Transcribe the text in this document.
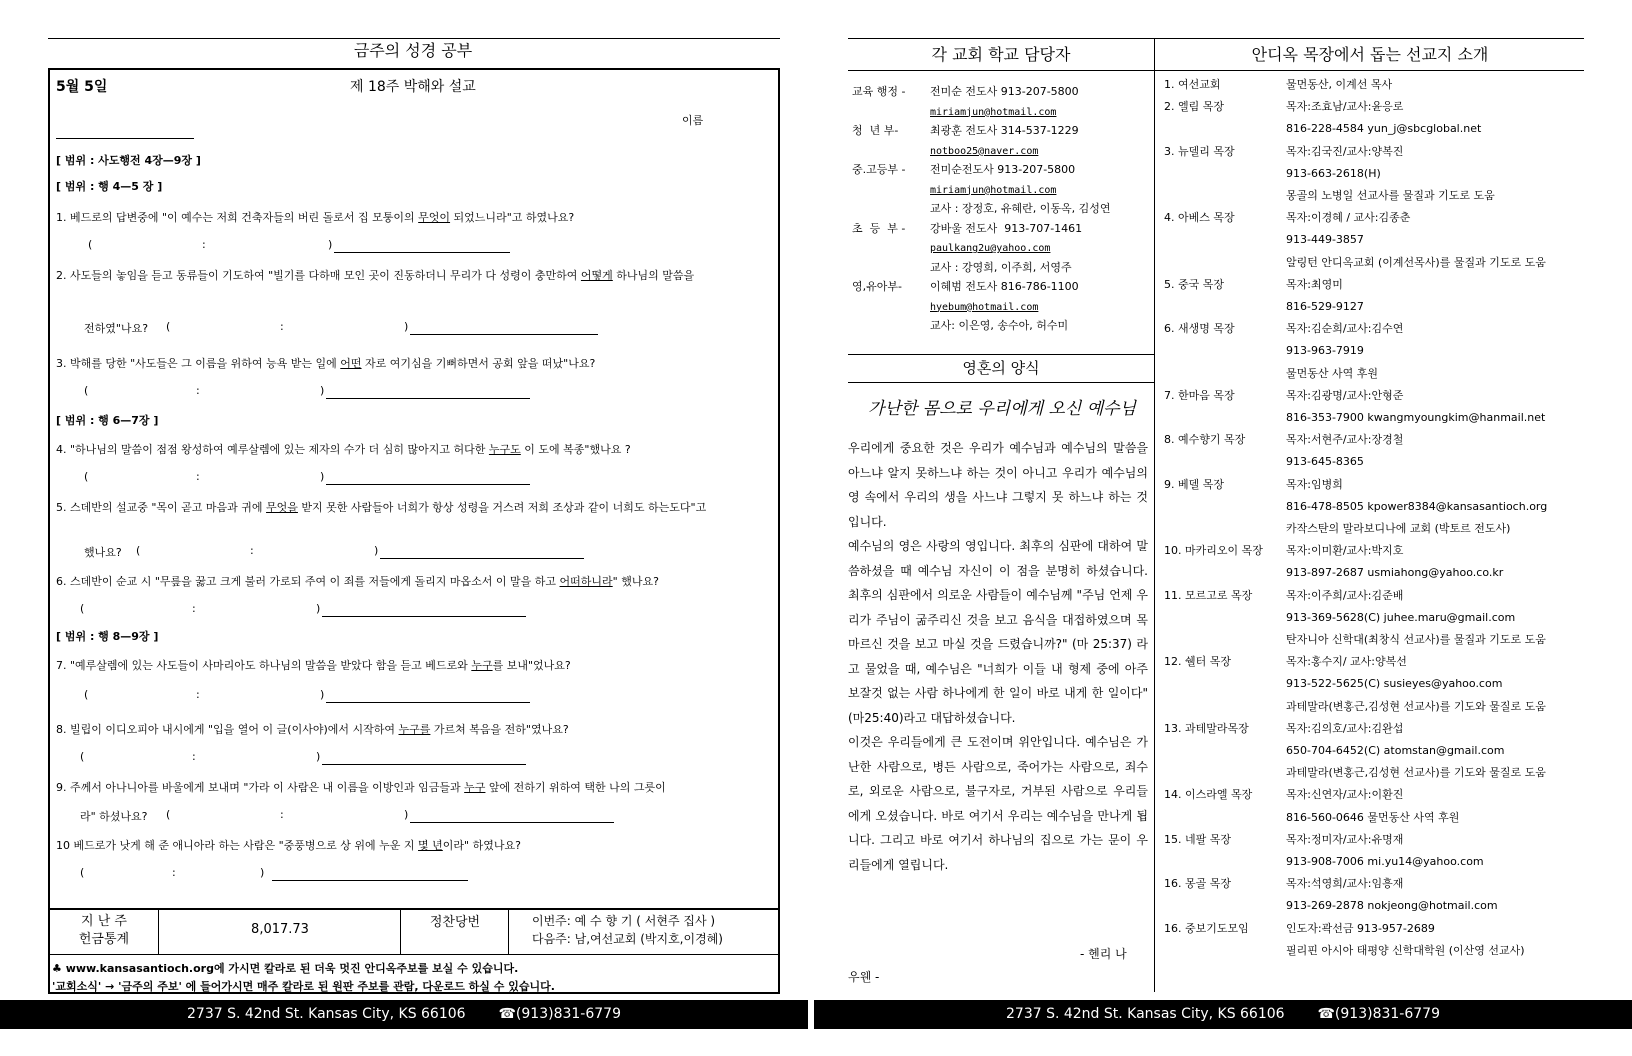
금주의 성경 공부
5월 5일	제 18주 박해와 설교
이름
[ 범위 : 사도행전 4장—9장 ]
[ 범위 : 행 4—5 장 ]
1. 베드로의 답변중에 "이 예수는 저희 건축자들의 버린 돌로서 집 모퉁이의 무엇이 되었느니라"고 하였나요?
(	:	)
2. 사도들의 놓임을 듣고 동류들이 기도하여 "빌기를 다하매 모인 곳이 진동하더니 무리가 다 성령이 충만하여 어떻게 하나님의 말씀을
전하였"나요? (	:	)
3. 박해를 당한 "사도들은 그 이름을 위하여 능욕 받는 일에 어떤 자로 여기심을 기뻐하면서 공회 앞을 떠났"나요?
(	:	)
[ 범위 : 행 6—7장 ]
4. "하나님의 말씀이 점점 왕성하여 예루살렘에 있는 제자의 수가 더 심히 많아지고 허다한 누구도 이 도에 복종"했나요 ?
(	:	)
5. 스데반의 설교중 "목이 곧고 마음과 귀에 무엇을 받지 못한 사람들아 너희가 항상 성령을 거스려 저희 조상과 같이 너희도 하는도다"고
했나요? (	:	)
6. 스데반이 순교 시 "무릎을 꿇고 크게 불러 가로되 주여 이 죄를 저들에게 돌리지 마옵소서 이 말을 하고 어떠하니라" 했나요?
(	:	)
[ 범위 : 행 8—9장 ]
7. "예루살렘에 있는 사도들이 사마리아도 하나님의 말씀을 받았다 함을 듣고 베드로와 누구를 보내"었나요?
(	:	)
8. 빌립이 이디오피아 내시에게 "입을 열어 이 글(이사야)에서 시작하여 누구를 가르쳐 복음을 전하"였나요?
(	:	)
9. 주께서 아나니아를 바울에게 보내며 "가라 이 사람은 내 이름을 이방인과 임금들과 누구 앞에 전하기 위하여 택한 나의 그릇이
라" 하셨나요? (	:	)
10 베드로가 낫게 해 준 애니아라 하는 사람은 "중풍병으로 상 위에 누운 지 몇 년이라" 하였나요?
(	:	)
지 난 주
헌금통계
8,017.73	정찬당번	이번주: 예 수 향 기 ( 서현주 집사 )
다음주: 남,여선교회 (박지호,이경혜)
♣ www.kansasantioch.org에 가시면 칼라로 된 더욱 멋진 안디옥주보를 보실 수 있습니다.
'교회소식' → '금주의 주보' 에 들어가시면 매주 칼라로 된 원판 주보를 관람, 다운로드 하실 수 있습니다.
2737 S. 42nd St. Kansas City, KS 66106 ☎(913)831-6779
각 교회 학교 담당자	안디옥 목장에서 돕는 선교지 소개
교육 행정 - 전미순 전도사 913-207-5800
miriamjun@hotmail.com
청  년 부-	최광훈 전도사 314-537-1229
notboo25@naver.com
중.고등부 - 전미순전도사 913-207-5800
miriamjun@hotmail.com
교사 : 장정호, 유혜란, 이동옥, 김성연
초  등  부 - 강바울 전도사  913-707-1461
paulkang2u@yahoo.com
교사 : 강영희, 이주희, 서영주
영,유아부-	이혜범 전도사 816-786-1100
hyebum@hotmail.com
교사: 이은영, 송수아, 허수미
영혼의 양식
가난한 몸으로 우리에게 오신 예수님

우리에게 중요한 것은 우리가 예수님과 예수님의 말씀을 아느냐 알지 못하느냐 하는 것이 아니고 우리가 예수님의 영 속에서 우리의 생을 사느냐 그렇지 못 하느냐 하는 것입니다.

예수님의 영은 사랑의 영입니다. 최후의 심판에 대하여 말씀하셨을 때 예수님 자신이 이 점을 분명히 하셨습니다. 최후의 심판에서 의로운 사람들이 예수님께 "주님 언제 우리가 주님이 굶주리신 것을 보고 음식을 대접하였으며 목 마르신 것을 보고 마실 것을 드렸습니까?" (마 25:37) 라고 물었을 때, 예수님은 "너희가 이들 내 형제 중에 아주 보잘것 없는 사람 하나에게 한 일이 바로 내게 한 일이다" (마25:40)라고 대답하셨습니다.

이것은 우리들에게 큰 도전이며 위안입니다. 예수님은 가난한 사람으로, 병든 사람으로, 죽어가는 사람으로, 죄수로, 외로운 사람으로, 불구자로, 거부된 사람으로 우리들에게 오셨습니다. 바로 여기서 우리는 예수님을 만나게 됩니다. 그리고 바로 여기서 하나님의 집으로 가는 문이 우리들에게 열립니다.

- 헨리 나
우웬 -
1. 여선교회	물먼동산, 이계선 목사
2. 엘림 목장	목자:조효남/교사:윤응로
816-228-4584 yun_j@sbcglobal.net
3. 뉴델리 목장	목자:김국진/교사:양복진
913-663-2618(H)
몽골의 노병일 선교사를 물질과 기도로 도움
4. 아베스 목장	목자:이경혜 / 교사:김종춘
913-449-3857
알링턴 안디옥교회 (이계선목사)를 물질과 기도로 도움
5. 중국 목장	목자:최영미
816-529-9127
6. 새생명 목장	목자:김순희/교사:김수연
913-963-7919
물먼동산 사역 후원
7. 한마음 목장	목자:김광명/교사:안형준
816-353-7900 kwangmyoungkim@hanmail.net
8. 예수향기 목장	목자:서현주/교사:장경철
913-645-8365
9. 베델 목장	목자:임병희
816-478-8505 kpower8384@kansasantioch.org
카작스탄의 말라보디나에 교회 (박토르 전도사)
10. 마카리오이 목장	목자:이미환/교사:박지호
913-897-2687 usmiahong@yahoo.co.kr
11. 모르고로 목장	목자:이주희/교사:김준배
913-369-5628(C) juhee.maru@gmail.com
탄자니아 신학대(최창식 선교사)를 물질과 기도로 도움
12. 쉘터 목장	목자:홍수지/ 교사:양복선
913-522-5625(C) susieyes@yahoo.com
과테말라(변홍근,김성현 선교사)를 기도와 물질로 도움
13. 과테말라목장	목자:김의호/교사:김완섭
650-704-6452(C) atomstan@gmail.com
과테말라(변홍근,김성현 선교사)를 기도와 물질로 도움
14. 이스라엘 목장	목자:신연자/교사:이환진
816-560-0646 물먼동산 사역 후원
15. 네팔 목장	목자:정미자/교사:유명재
913-908-7006 mi.yu14@yahoo.com
16. 몽골 목장	목자:석영희/교사:임흥재
913-269-2878 nokjeong@hotmail.com
16. 중보기도모임	인도자:곽선금 913-957-2689
필리핀 아시아 태평양 신학대학원 (이산영 선교사)
2737 S. 42nd St. Kansas City, KS 66106 ☎(913)831-6779
